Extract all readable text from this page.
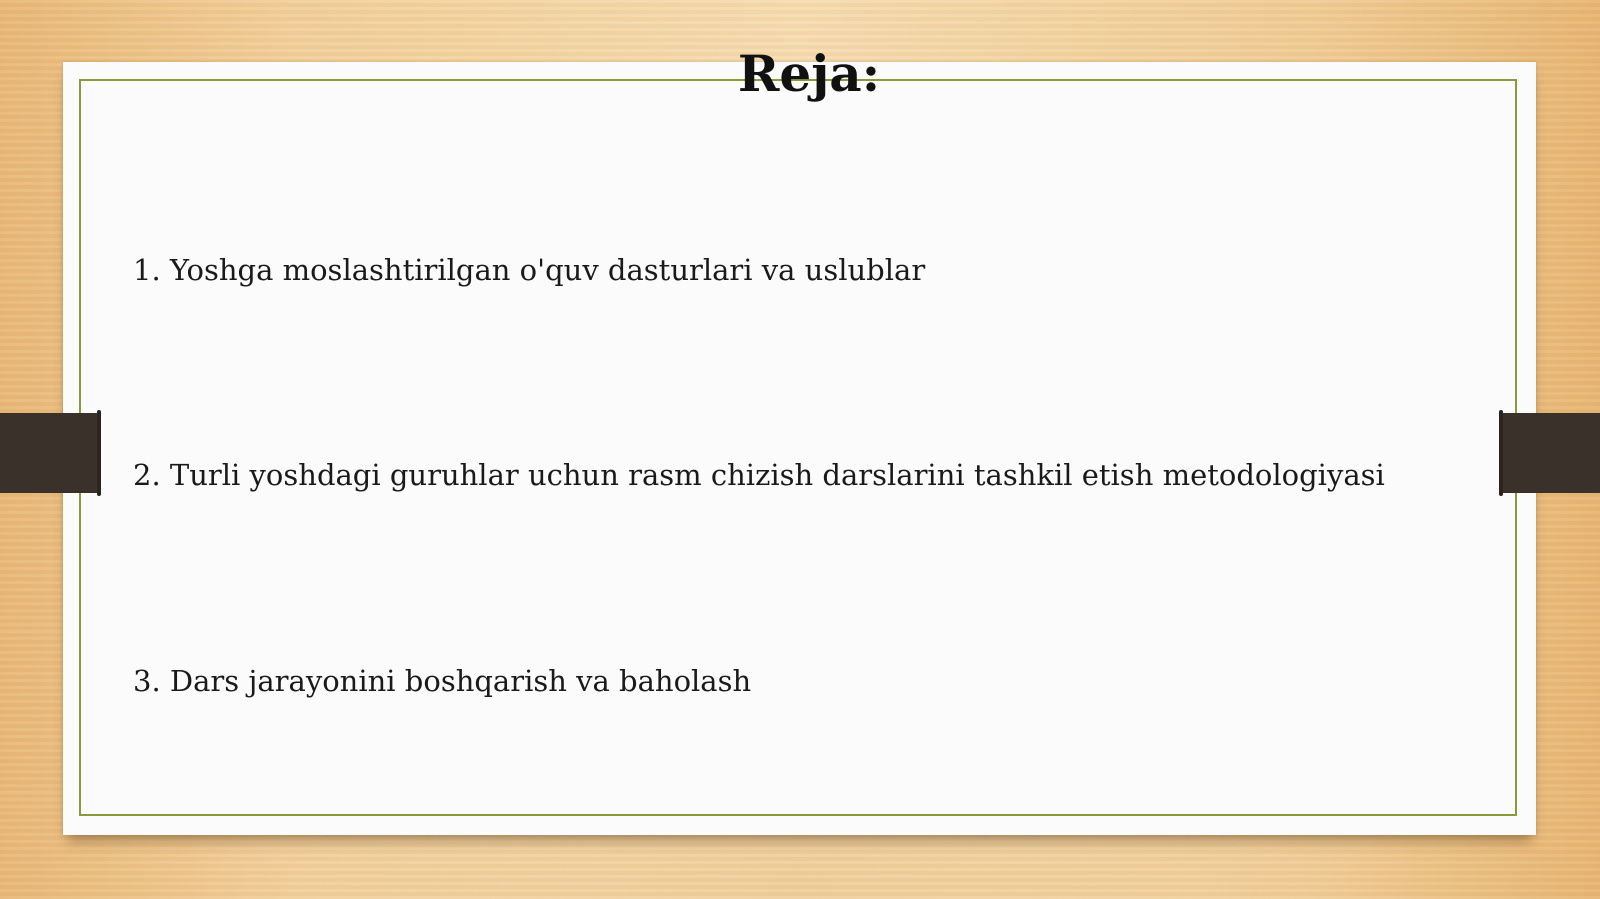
Reja:
1. Yoshga moslashtirilgan o'quv dasturlari va uslublar
2. Turli yoshdagi guruhlar uchun rasm chizish darslarini tashkil etish metodologiyasi
3. Dars jarayonini boshqarish va baholash
